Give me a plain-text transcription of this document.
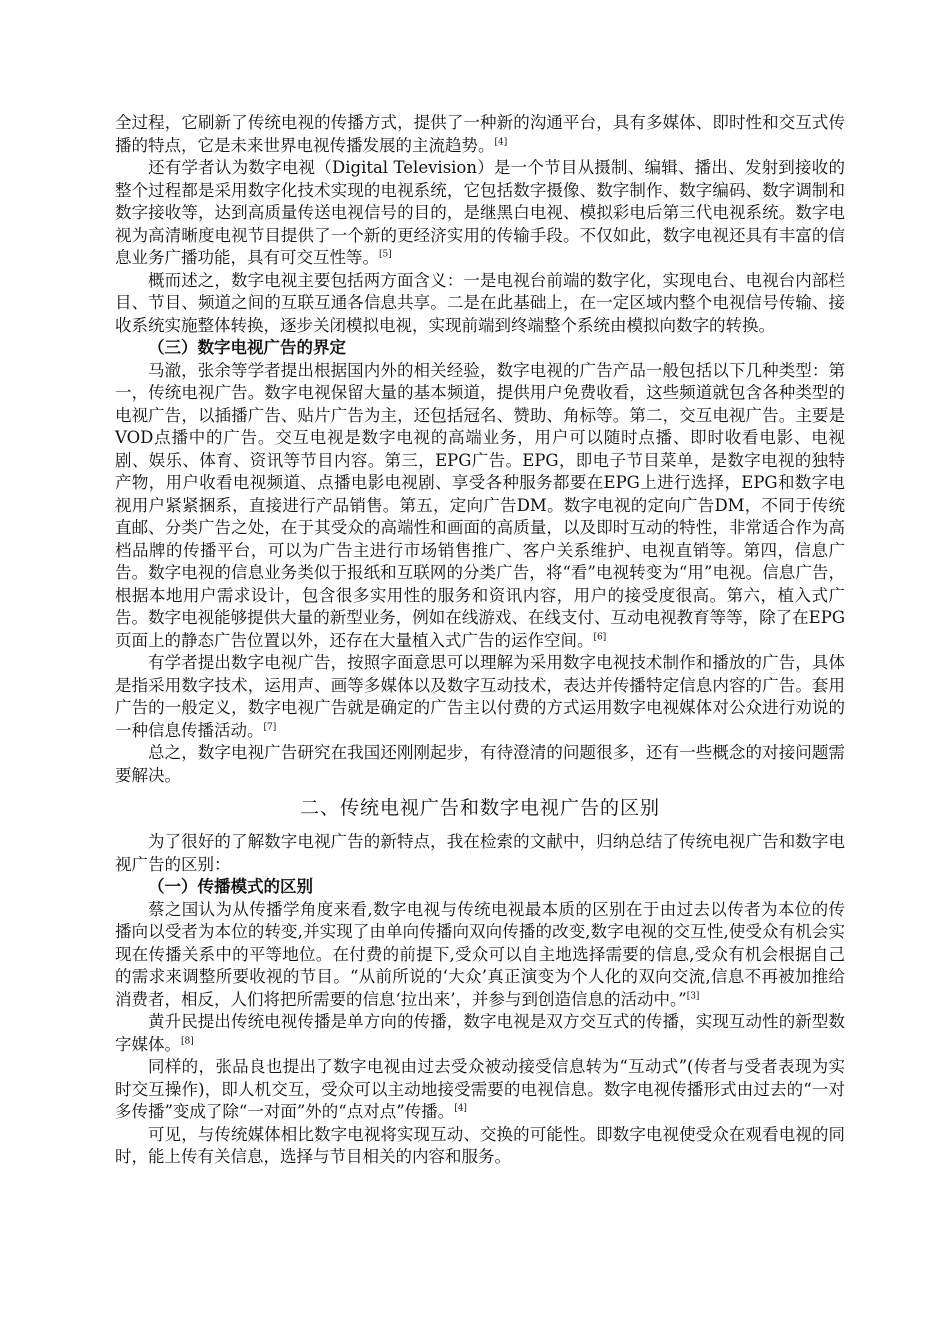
全过程，它刷新了传统电视的传播方式，提供了一种新的沟通平台，具有多媒体、即时性和交互式传播的特点，它是未来世界电视传播发展的主流趋势。[4]

还有学者认为数字电视（Digital Television）是一个节目从摄制、编辑、播出、发射到接收的整个过程都是采用数字化技术实现的电视系统，它包括数字摄像、数字制作、数字编码、数字调制和数字接收等，达到高质量传送电视信号的目的，是继黑白电视、模拟彩电后第三代电视系统。数字电视为高清晰度电视节目提供了一个新的更经济实用的传输手段。不仅如此，数字电视还具有丰富的信息业务广播功能，具有可交互性等。[5]

概而述之，数字电视主要包括两方面含义：一是电视台前端的数字化，实现电台、电视台内部栏目、节目、频道之间的互联互通各信息共享。二是在此基础上，在一定区域内整个电视信号传输、接收系统实施整体转换，逐步关闭模拟电视，实现前端到终端整个系统由模拟向数字的转换。

（三）数字电视广告的界定

马澈，张余等学者提出根据国内外的相关经验，数字电视的广告产品一般包括以下几种类型：第一，传统电视广告。数字电视保留大量的基本频道，提供用户免费收看，这些频道就包含各种类型的电视广告，以插播广告、贴片广告为主，还包括冠名、赞助、角标等。第二，交互电视广告。主要是VOD点播中的广告。交互电视是数字电视的高端业务，用户可以随时点播、即时收看电影、电视剧、娱乐、体育、资讯等节目内容。第三，EPG广告。EPG，即电子节目菜单，是数字电视的独特产物，用户收看电视频道、点播电影电视剧、享受各种服务都要在EPG上进行选择，EPG和数字电视用户紧紧捆系，直接进行产品销售。第五，定向广告DM。数字电视的定向广告DM，不同于传统直邮、分类广告之处，在于其受众的高端性和画面的高质量，以及即时互动的特性，非常适合作为高档品牌的传播平台，可以为广告主进行市场销售推广、客户关系维护、电视直销等。第四，信息广告。数字电视的信息业务类似于报纸和互联网的分类广告，将“看”电视转变为“用”电视。信息广告，根据本地用户需求设计，包含很多实用性的服务和资讯内容，用户的接受度很高。第六，植入式广告。数字电视能够提供大量的新型业务，例如在线游戏、在线支付、互动电视教育等等，除了在EPG页面上的静态广告位置以外，还存在大量植入式广告的运作空间。[6]

有学者提出数字电视广告，按照字面意思可以理解为采用数字电视技术制作和播放的广告，具体是指采用数字技术，运用声、画等多媒体以及数字互动技术，表达并传播特定信息内容的广告。套用广告的一般定义，数字电视广告就是确定的广告主以付费的方式运用数字电视媒体对公众进行劝说的一种信息传播活动。[7]

总之，数字电视广告研究在我国还刚刚起步，有待澄清的问题很多，还有一些概念的对接问题需要解决。

二、传统电视广告和数字电视广告的区别

为了很好的了解数字电视广告的新特点，我在检索的文献中，归纳总结了传统电视广告和数字电视广告的区别：

（一）传播模式的区别

蔡之国认为从传播学角度来看,数字电视与传统电视最本质的区别在于由过去以传者为本位的传播向以受者为本位的转变,并实现了由单向传播向双向传播的改变,数字电视的交互性,使受众有机会实现在传播关系中的平等地位。在付费的前提下,受众可以自主地选择需要的信息,受众有机会根据自己的需求来调整所要收视的节目。“从前所说的‘大众’真正演变为个人化的双向交流,信息不再被加推给消费者，相反，人们将把所需要的信息‘拉出来’，并参与到创造信息的活动中。”[3]

黄升民提出传统电视传播是单方向的传播，数字电视是双方交互式的传播，实现互动性的新型数字媒体。[8]

同样的，张品良也提出了数字电视由过去受众被动接受信息转为“互动式”(传者与受者表现为实时交互操作)，即人机交互，受众可以主动地接受需要的电视信息。数字电视传播形式由过去的“一对多传播”变成了除“一对面”外的“点对点”传播。[4]

可见，与传统媒体相比数字电视将实现互动、交换的可能性。即数字电视使受众在观看电视的同时，能上传有关信息，选择与节目相关的内容和服务。
